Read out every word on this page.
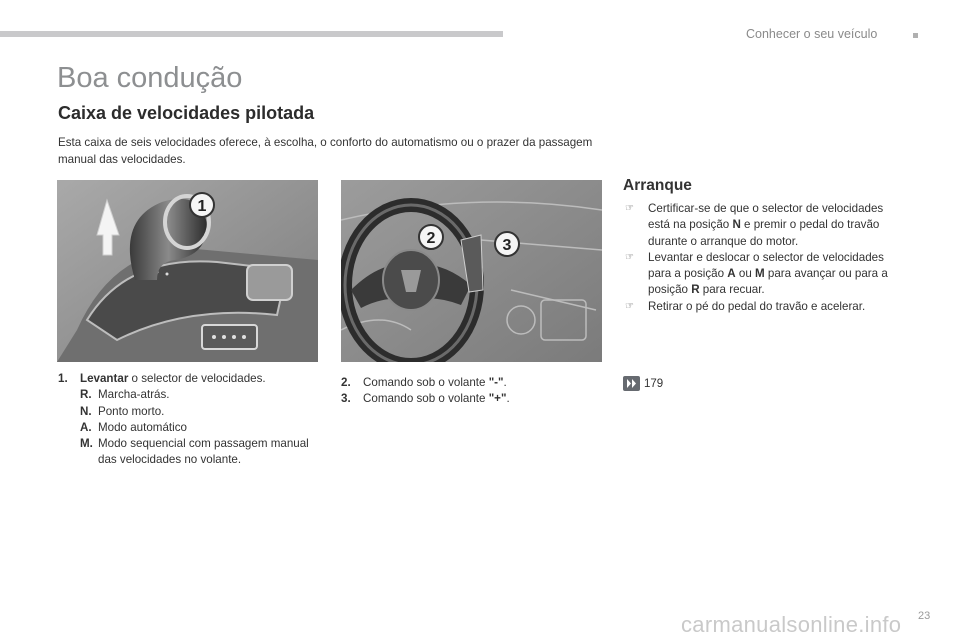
Conhecer o seu veículo
Boa condução
Caixa de velocidades pilotada

Esta caixa de seis velocidades oferece, à escolha, o conforto do automatismo ou o prazer da passagem manual das velocidades.

1
2	3
1. Levantar o selector de velocidades.
R. Marcha-atrás.
N. Ponto morto.
A. Modo automático
M. Modo sequencial com passagem manual das velocidades no volante.
2. Comando sob o volante "-".
3. Comando sob o volante "+".
Arranque
☞ Certificar-se de que o selector de velocidades está na posição N e premir o pedal do travão durante o arranque do motor.
☞ Levantar e deslocar o selector de velocidades para a posição A ou M para avançar ou para a posição R para recuar.
☞ Retirar o pé do pedal do travão e acelerar.
179
23
carmanualsonline.info
